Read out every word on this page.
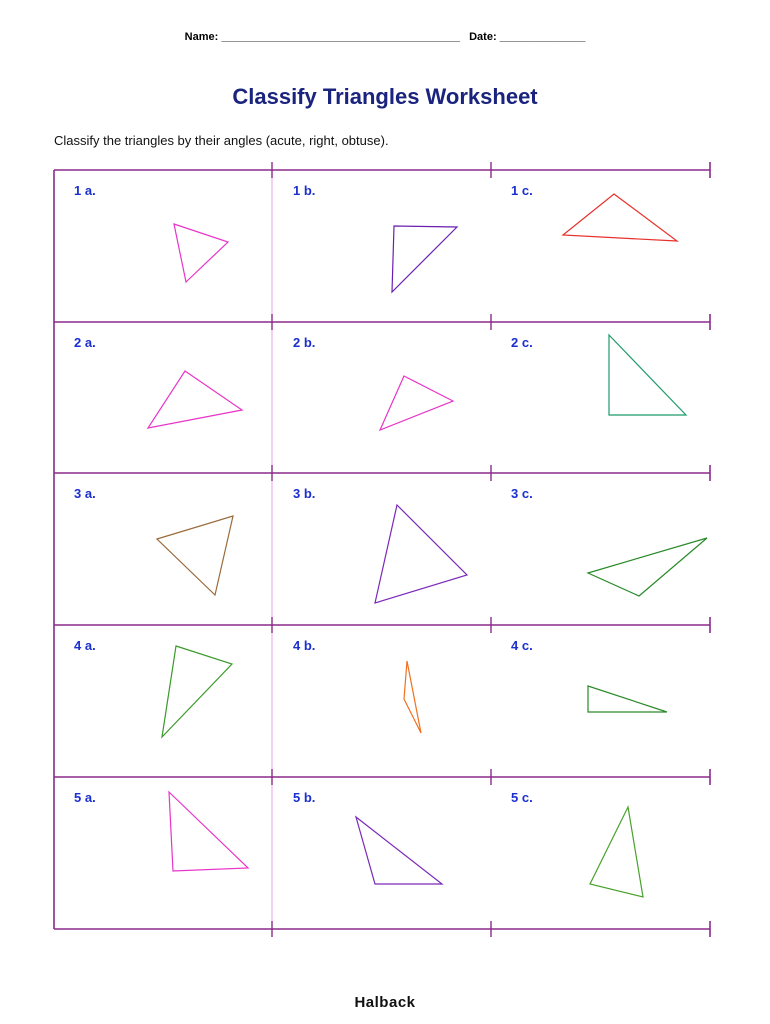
Name: _______________________________________ Date: ______________
Classify Triangles Worksheet
Classify the triangles by their angles (acute, right, obtuse).
1 a.	1 b.	1 c.
2 a.	2 b.	2 c.
3 a.	3 b.	3 c.
4 a.	4 b.	4 c.
5 a.	5 b.	5 c.
Halback
